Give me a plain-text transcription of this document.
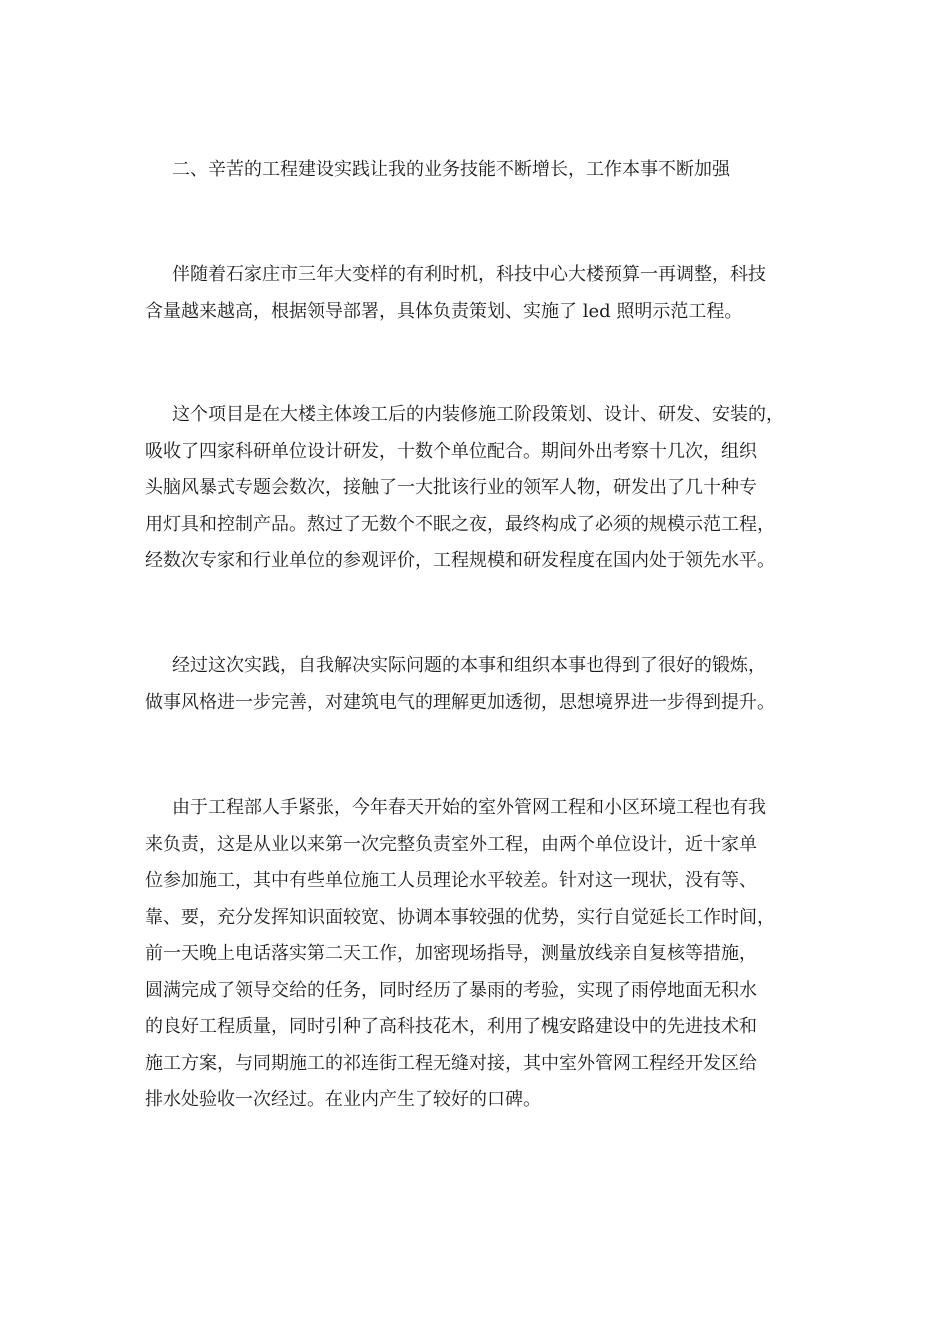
二、辛苦的工程建设实践让我的业务技能不断增长，工作本事不断加强
伴随着石家庄市三年大变样的有利时机，科技中心大楼预算一再调整，科技
含量越来越高，根据领导部署，具体负责策划、实施了 led 照明示范工程。
这个项目是在大楼主体竣工后的内装修施工阶段策划、设计、研发、安装的，
吸收了四家科研单位设计研发，十数个单位配合。期间外出考察十几次，组织
头脑风暴式专题会数次，接触了一大批该行业的领军人物，研发出了几十种专
用灯具和控制产品。熬过了无数个不眠之夜，最终构成了必须的规模示范工程，
经数次专家和行业单位的参观评价，工程规模和研发程度在国内处于领先水平。
经过这次实践，自我解决实际问题的本事和组织本事也得到了很好的锻炼，
做事风格进一步完善，对建筑电气的理解更加透彻，思想境界进一步得到提升。
由于工程部人手紧张，今年春天开始的室外管网工程和小区环境工程也有我
来负责，这是从业以来第一次完整负责室外工程，由两个单位设计，近十家单
位参加施工，其中有些单位施工人员理论水平较差。针对这一现状，没有等、
靠、要，充分发挥知识面较宽、协调本事较强的优势，实行自觉延长工作时间，
前一天晚上电话落实第二天工作，加密现场指导，测量放线亲自复核等措施，
圆满完成了领导交给的任务，同时经历了暴雨的考验，实现了雨停地面无积水
的良好工程质量，同时引种了高科技花木，利用了槐安路建设中的先进技术和
施工方案，与同期施工的祁连街工程无缝对接，其中室外管网工程经开发区给
排水处验收一次经过。在业内产生了较好的口碑。
